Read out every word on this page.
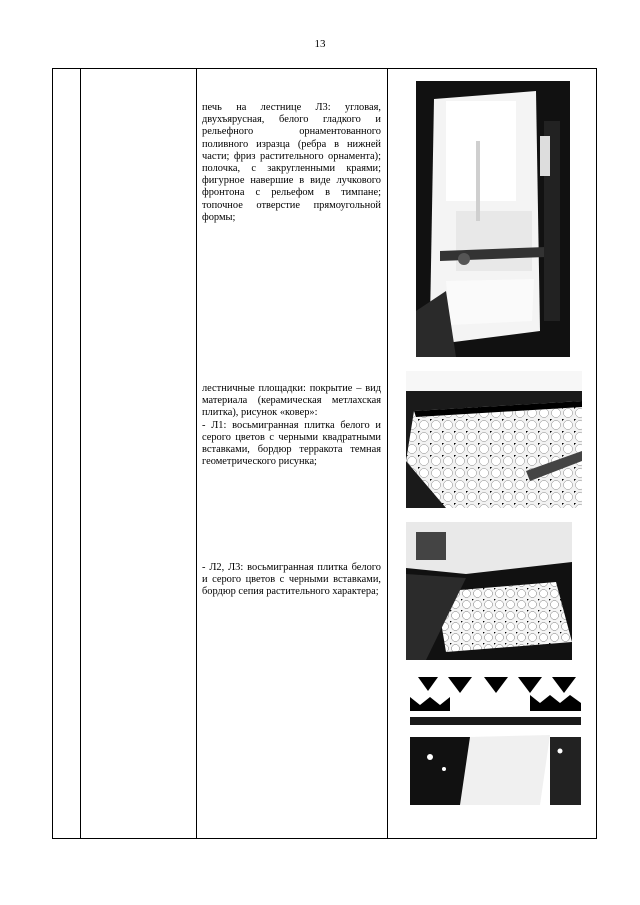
13

печь на лестнице Л3: угловая, двухъярусная, белого гладкого и рельефного орнаментованного поливного изразца (ребра в нижней части; фриз растительного орнамента); полочка, с закругленными краями; фигурное навершие в виде лучкового фронтона с рельефом в тимпане; топочное отверстие прямоугольной формы;

лестничные площадки: покрытие – вид материала (керамическая метлахская плитка), рисунок «ковер»:

- Л1: восьмигранная плитка белого и серого цветов с черными квадратными вставками, бордюр терракота темная геометрического рисунка;

- Л2, Л3: восьмигранная плитка белого и серого цветов с черными вставками, бордюр сепия растительного характера;
